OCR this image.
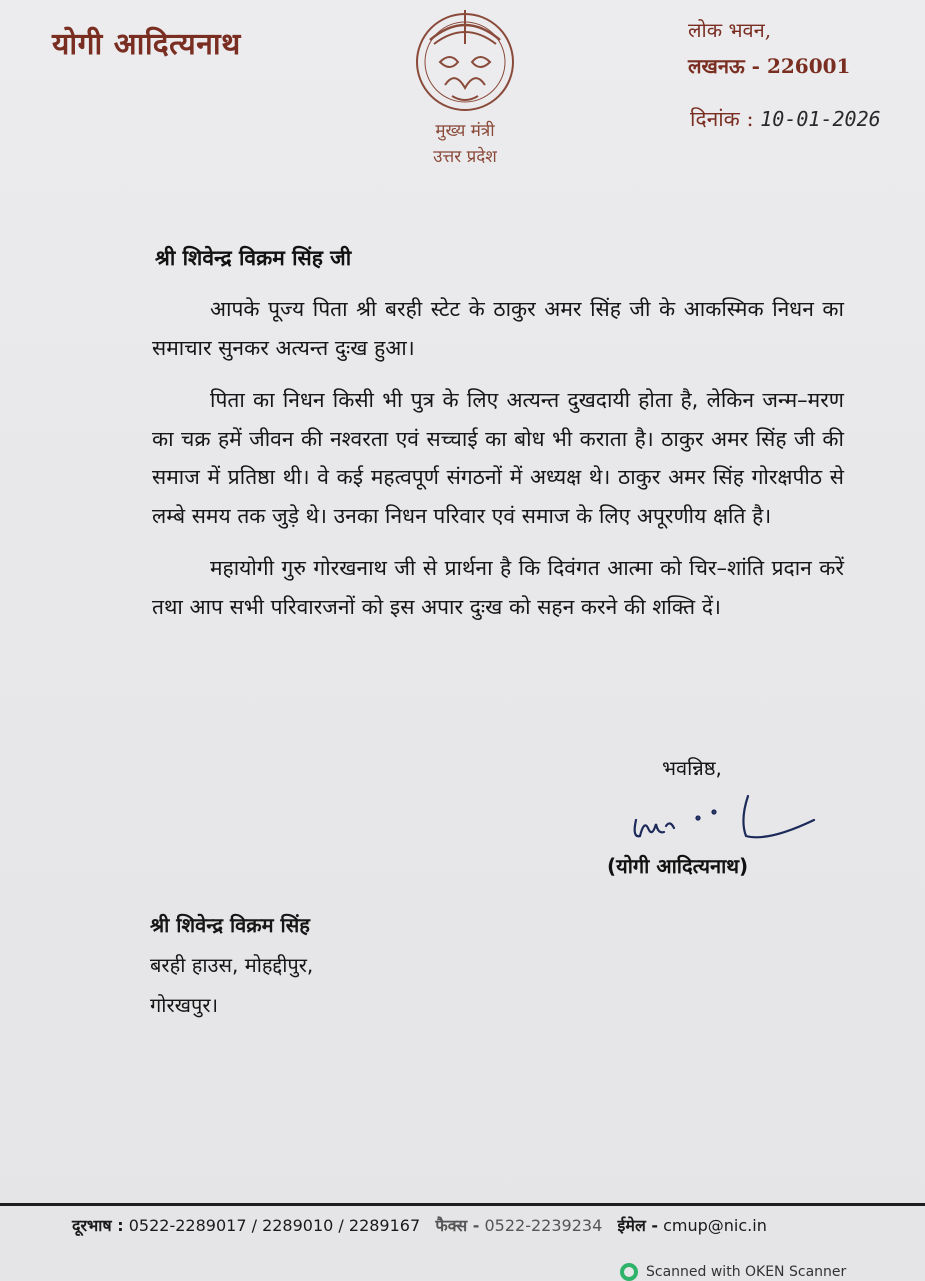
योगी आदित्यनाथ
मुख्य मंत्री
उत्तर प्रदेश
लोक भवन,
लखनऊ - 226001
दिनांक : 10-01-2026
श्री शिवेन्द्र विक्रम सिंह जी

आपके पूज्य पिता श्री बरही स्टेट के ठाकुर अमर सिंह जी के आकस्मिक निधन का समाचार सुनकर अत्यन्त दुःख हुआ।

पिता का निधन किसी भी पुत्र के लिए अत्यन्त दुखदायी होता है, लेकिन जन्म–मरण का चक्र हमें जीवन की नश्वरता एवं सच्चाई का बोध भी कराता है। ठाकुर अमर सिंह जी की समाज में प्रतिष्ठा थी। वे कई महत्वपूर्ण संगठनों में अध्यक्ष थे। ठाकुर अमर सिंह गोरक्षपीठ से लम्बे समय तक जुड़े थे। उनका निधन परिवार एवं समाज के लिए अपूरणीय क्षति है।

महायोगी गुरु गोरखनाथ जी से प्रार्थना है कि दिवंगत आत्मा को चिर–शांति प्रदान करें तथा आप सभी परिवारजनों को इस अपार दुःख को सहन करने की शक्ति दें।

भवन्निष्ठ,
(योगी आदित्यनाथ)
श्री शिवेन्द्र विक्रम सिंह
बरही हाउस, मोहद्दीपुर,
गोरखपुर।
दूरभाष : 0522-2289017 / 2289010 / 2289167 फैक्स - 0522-2239234 ईमेल - cmup@nic.in
Scanned with OKEN Scanner
